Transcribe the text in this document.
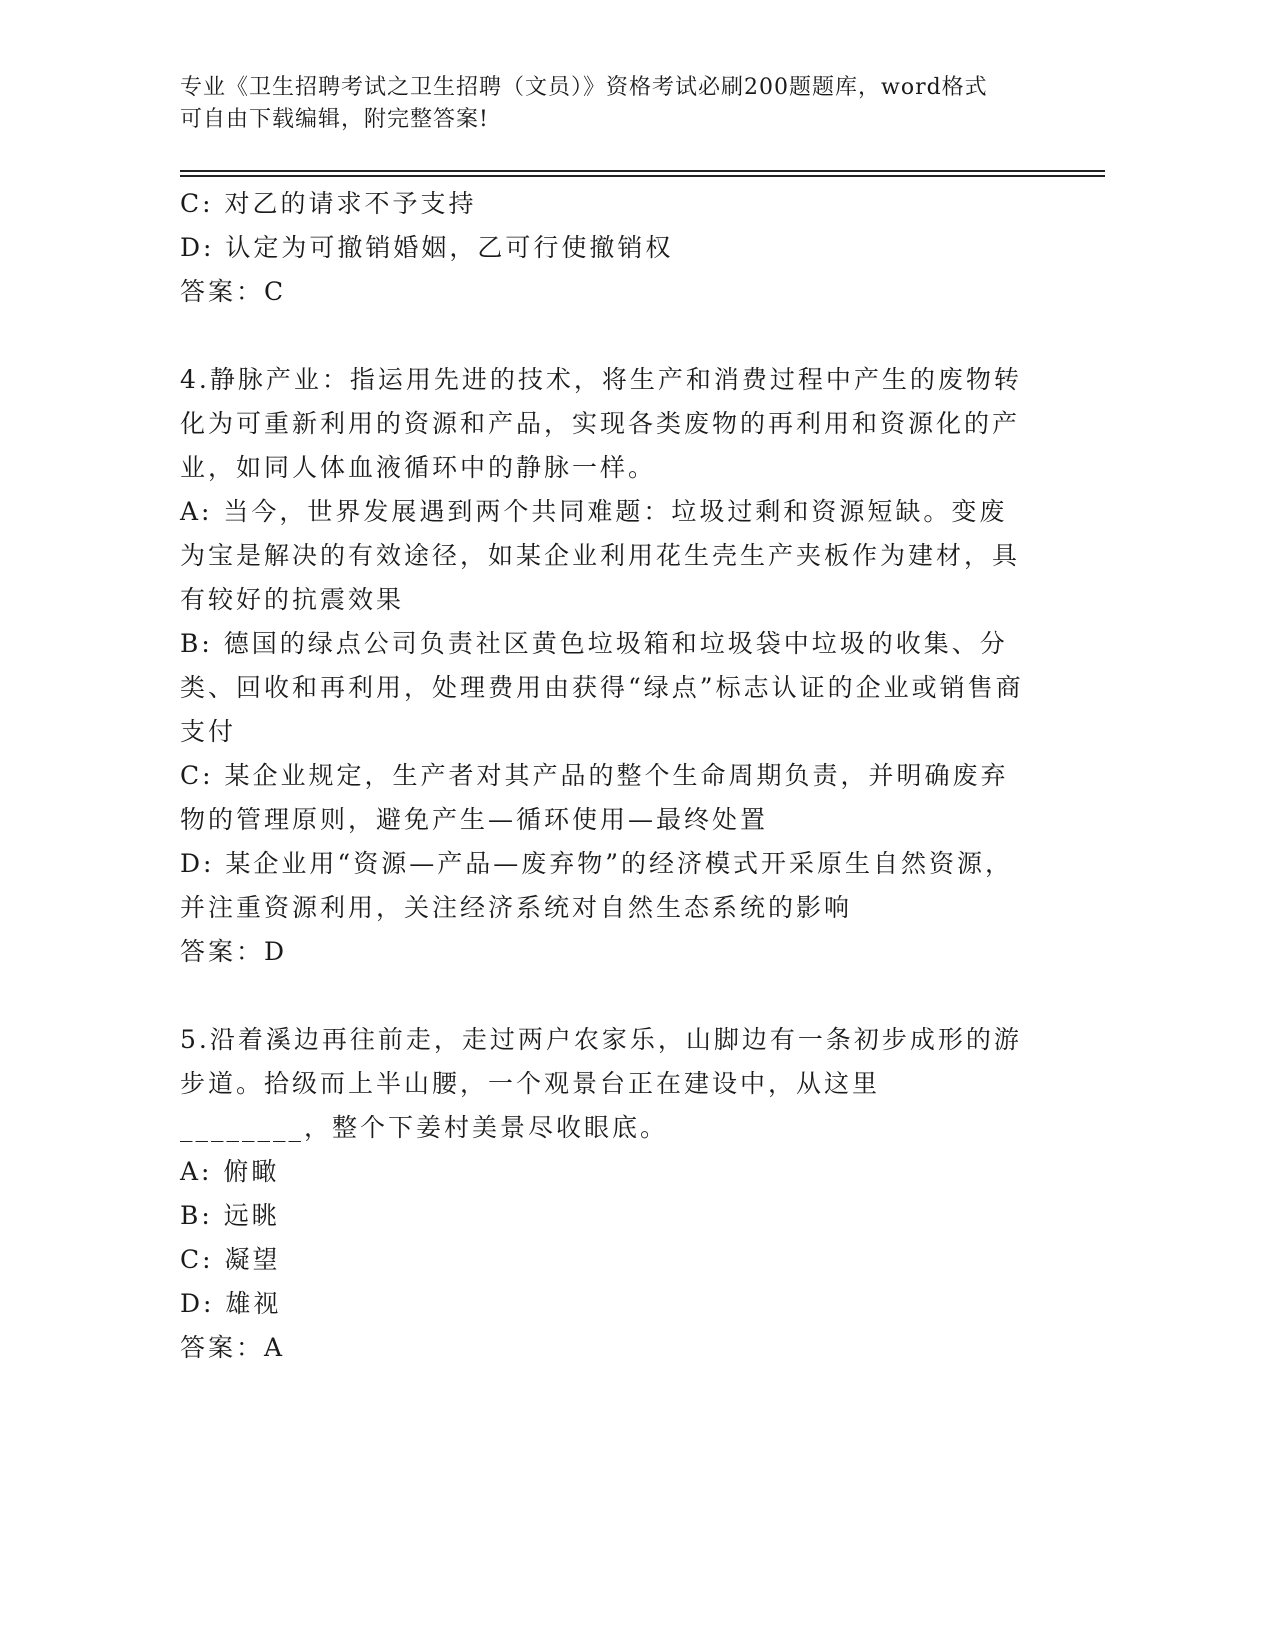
专业《卫生招聘考试之卫生招聘（文员）》资格考试必刷200题题库，word格式
可自由下载编辑，附完整答案!
C: 对乙的请求不予支持
D: 认定为可撤销婚姻，乙可行使撤销权
答案：C
4.静脉产业：指运用先进的技术，将生产和消费过程中产生的废物转化为可重新利用的资源和产品，实现各类废物的再利用和资源化的产业，如同人体血液循环中的静脉一样。
A: 当今，世界发展遇到两个共同难题：垃圾过剩和资源短缺。变废为宝是解决的有效途径，如某企业利用花生壳生产夹板作为建材，具有较好的抗震效果
B: 德国的绿点公司负责社区黄色垃圾箱和垃圾袋中垃圾的收集、分类、回收和再利用，处理费用由获得“绿点”标志认证的企业或销售商支付
C: 某企业规定，生产者对其产品的整个生命周期负责，并明确废弃物的管理原则，避免产生—循环使用—最终处置
D: 某企业用“资源—产品—废弃物”的经济模式开采原生自然资源，并注重资源利用，关注经济系统对自然生态系统的影响
答案：D
5.沿着溪边再往前走，走过两户农家乐，山脚边有一条初步成形的游步道。拾级而上半山腰，一个观景台正在建设中，从这里________，整个下姜村美景尽收眼底。
A: 俯瞰
B: 远眺
C: 凝望
D: 雄视
答案：A
